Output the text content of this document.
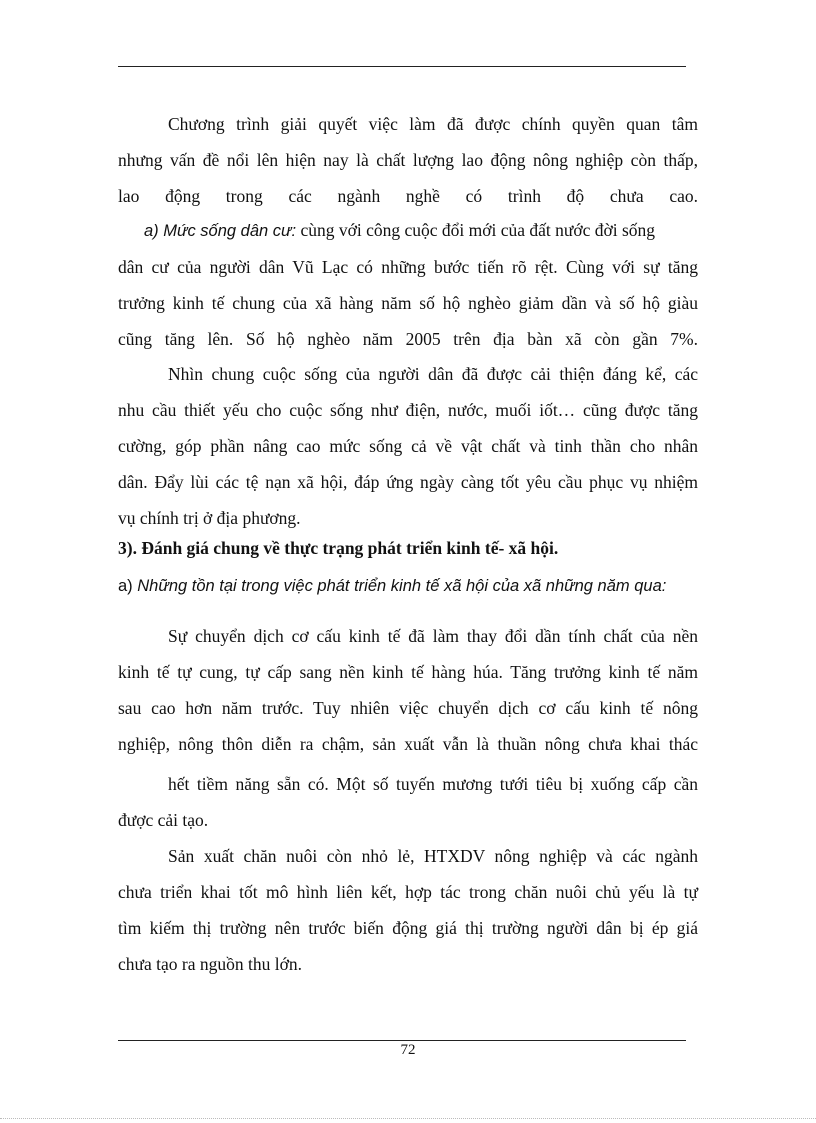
Chương trình giải quyết việc làm đã được chính quyền quan tâm
nhưng vấn đề nổi lên hiện nay là chất lượng lao động nông nghiệp còn thấp,
lao động trong các ngành nghề có trình độ chưa cao.
a) Mức sống dân cư: cùng với công cuộc đổi mới của đất nước đời sống
dân cư của người dân Vũ Lạc có những bước tiến rõ rệt. Cùng với sự tăng
trưởng kinh tế chung của xã hàng năm số hộ nghèo giảm dần và số hộ giàu
cũng tăng lên. Số hộ nghèo năm 2005 trên địa bàn xã còn gần 7%.
Nhìn chung cuộc sống của người dân đã được cải thiện đáng kể, các
nhu cầu thiết yếu cho cuộc sống như điện, nước, muối iốt… cũng được tăng
cường, góp phần nâng cao mức sống cả về vật chất và tinh thần cho nhân
dân. Đẩy lùi các tệ nạn xã hội, đáp ứng ngày càng tốt yêu cầu phục vụ nhiệm
vụ chính trị ở địa phương.
3). Đánh giá chung về thực trạng phát triển kinh tế- xã hội.
a) Những tồn tại trong việc phát triển kinh tế xã hội của xã những năm qua:
Sự chuyển dịch cơ cấu kinh tế đã làm thay đổi dần tính chất của nền
kinh tế tự cung, tự cấp sang nền kinh tế hàng húa. Tăng trưởng kinh tế năm
sau cao hơn năm trước. Tuy nhiên việc chuyển dịch cơ cấu kinh tế nông
nghiệp, nông thôn diễn ra chậm, sản xuất vẫn là thuần nông chưa khai thác
hết tiềm năng sẵn có. Một số tuyến mương tưới tiêu bị xuống cấp cần
được cải tạo.
Sản xuất chăn nuôi còn nhỏ lẻ, HTXDV nông nghiệp và các ngành
chưa triển khai tốt mô hình liên kết, hợp tác trong chăn nuôi chủ yếu là tự
tìm kiếm thị trường nên trước biến động giá thị trường người dân bị ép giá
chưa tạo ra nguồn thu lớn.
72
